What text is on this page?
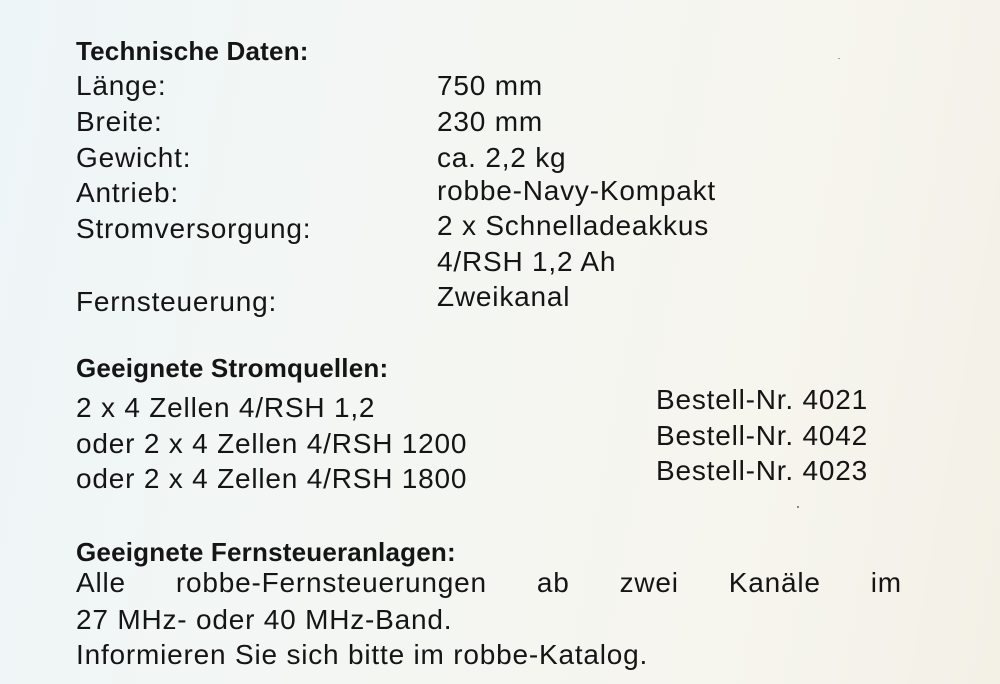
Technische Daten:
Länge:	750 mm
Breite:	230 mm
Gewicht:	ca. 2,2 kg
Antrieb:	robbe-Navy-Kompakt
Stromversorgung:	2 x Schnelladeakkus
4/RSH 1,2 Ah
Fernsteuerung:	Zweikanal
Geeignete Stromquellen:
2 x 4 Zellen 4/RSH 1,2	Bestell-Nr. 4021
oder 2 x 4 Zellen 4/RSH 1200	Bestell-Nr. 4042
oder 2 x 4 Zellen 4/RSH 1800	Bestell-Nr. 4023
Geeignete Fernsteueranlagen:
Alle robbe-Fernsteuerungen ab zwei Kanäle im
27 MHz- oder 40 MHz-Band.
Informieren Sie sich bitte im robbe-Katalog.
